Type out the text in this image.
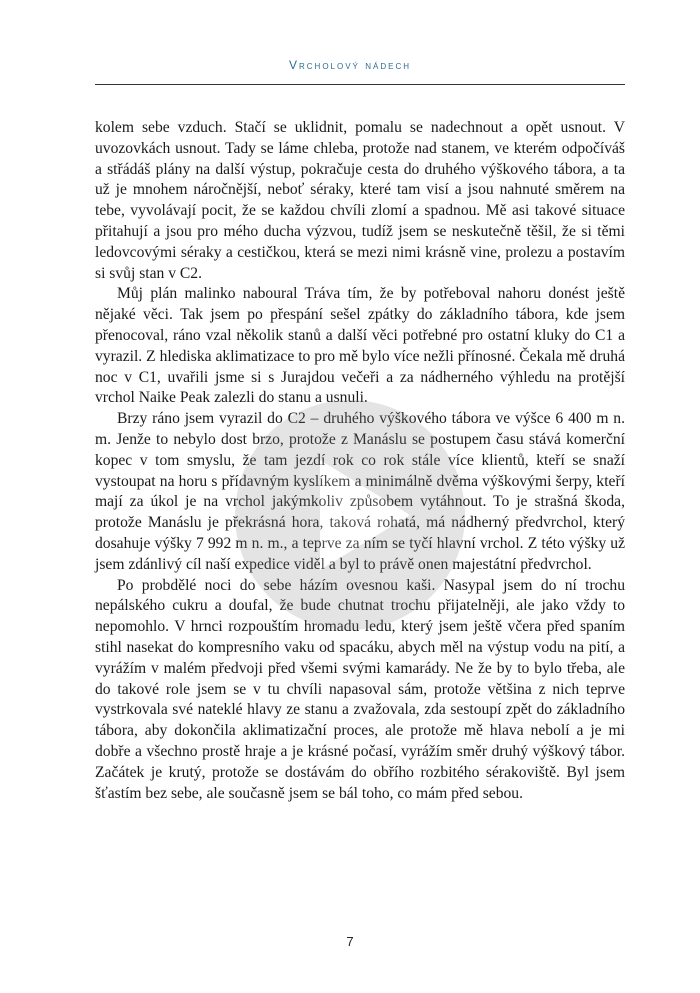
Vrcholový nádech

kolem sebe vzduch. Stačí se uklidnit, pomalu se nadechnout a opět usnout. V uvozovkách usnout. Tady se láme chleba, protože nad stanem, ve kterém odpočíváš a střádáš plány na další výstup, pokračuje cesta do druhého výškového tábora, a ta už je mnohem náročnější, neboť séraky, které tam visí a jsou nahnuté směrem na tebe, vyvolávají pocit, že se každou chvíli zlomí a spadnou. Mě asi takové situace přitahují a jsou pro mého ducha výzvou, tudíž jsem se neskutečně těšil, že si těmi ledovcovými séraky a cestičkou, která se mezi nimi krásně vine, prolezu a postavím si svůj stan v C2.

Můj plán malinko naboural Tráva tím, že by potřeboval nahoru donést ještě nějaké věci. Tak jsem po přespání sešel zpátky do základního tábora, kde jsem přenocoval, ráno vzal několik stanů a další věci potřebné pro ostatní kluky do C1 a vyrazil. Z hlediska aklimatizace to pro mě bylo více nežli přínosné. Čekala mě druhá noc v C1, uvařili jsme si s Jurajdou večeři a za nádherného výhledu na protější vrchol Naike Peak zalezli do stanu a usnuli.

Brzy ráno jsem vyrazil do C2 – druhého výškového tábora ve výšce 6 400 m n. m. Jenže to nebylo dost brzo, protože z Manáslu se postupem času stává komerční kopec v tom smyslu, že tam jezdí rok co rok stále více klientů, kteří se snaží vystoupat na horu s přídavným kyslíkem a minimálně dvěma výškovými šerpy, kteří mají za úkol je na vrchol jakýmkoliv způsobem vytáhnout. To je strašná škoda, protože Manáslu je překrásná hora, taková rohatá, má nádherný předvrchol, který dosahuje výšky 7 992 m n. m., a teprve za ním se tyčí hlavní vrchol. Z této výšky už jsem zdánlivý cíl naší expedice viděl a byl to právě onen majestátní předvrchol.

Po probdělé noci do sebe házím ovesnou kaši. Nasypal jsem do ní trochu nepálského cukru a doufal, že bude chutnat trochu přijatelněji, ale jako vždy to nepomohlo. V hrnci rozpouštím hromadu ledu, který jsem ještě včera před spaním stihl nasekat do kompresního vaku od spacáku, abych měl na výstup vodu na pití, a vyrážím v malém předvoji před všemi svými kamarády. Ne že by to bylo třeba, ale do takové role jsem se v tu chvíli napasoval sám, protože většina z nich teprve vystrkovala své nateklé hlavy ze stanu a zvažovala, zda sestoupí zpět do základního tábora, aby dokončila aklimatizační proces, ale protože mě hlava nebolí a je mi dobře a všechno prostě hraje a je krásné počasí, vyrážím směr druhý výškový tábor. Začátek je krutý, protože se dostávám do obřího rozbitého sérakoviště. Byl jsem šťastím bez sebe, ale současně jsem se bál toho, co mám před sebou.

7
